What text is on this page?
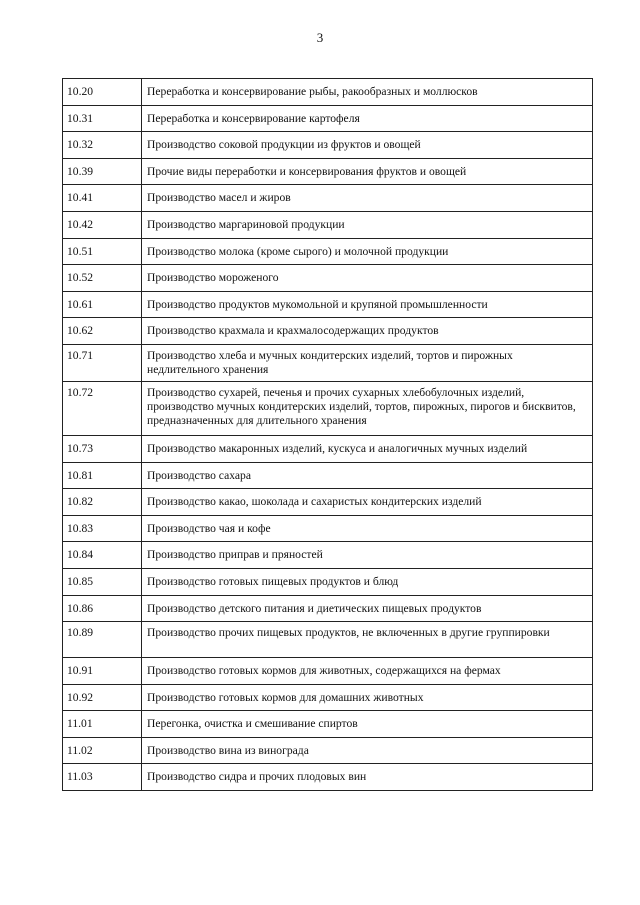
3
10.20	Переработка и консервирование рыбы, ракообразных и моллюсков
10.31	Переработка и консервирование картофеля
10.32	Производство соковой продукции из фруктов и овощей
10.39	Прочие виды переработки и консервирования фруктов и овощей
10.41	Производство масел и жиров
10.42	Производство маргариновой продукции
10.51	Производство молока (кроме сырого) и молочной продукции
10.52	Производство мороженого
10.61	Производство продуктов мукомольной и крупяной промышленности
10.62	Производство крахмала и крахмалосодержащих продуктов
10.71	Производство хлеба и мучных кондитерских изделий, тортов и пирожных недлительного хранения
10.72	Производство сухарей, печенья и прочих сухарных хлебобулочных изделий, производство мучных кондитерских изделий, тортов, пирожных, пирогов и бисквитов, предназначенных для длительного хранения
10.73	Производство макаронных изделий, кускуса и аналогичных мучных изделий
10.81	Производство сахара
10.82	Производство какао, шоколада и сахаристых кондитерских изделий
10.83	Производство чая и кофе
10.84	Производство приправ и пряностей
10.85	Производство готовых пищевых продуктов и блюд
10.86	Производство детского питания и диетических пищевых продуктов
10.89	Производство прочих пищевых продуктов, не включенных в другие группировки
10.91	Производство готовых кормов для животных, содержащихся на фермах
10.92	Производство готовых кормов для домашних животных
11.01	Перегонка, очистка и смешивание спиртов
11.02	Производство вина из винограда
11.03	Производство сидра и прочих плодовых вин
